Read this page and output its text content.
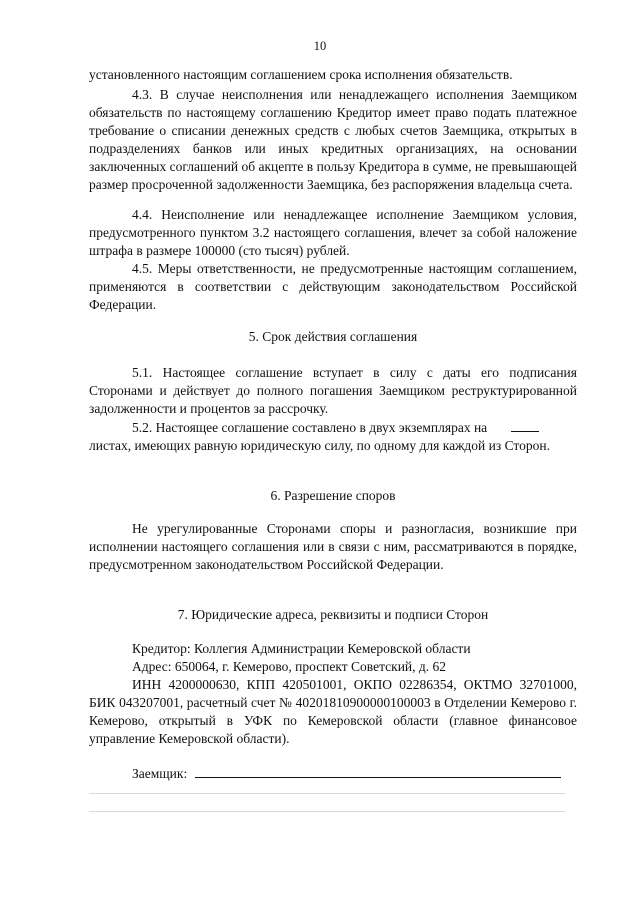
10
установленного настоящим соглашением срока исполнения обязательств.
4.3. В случае неисполнения или ненадлежащего исполнения Заемщиком обязательств по настоящему соглашению Кредитор имеет право подать платежное требование о списании денежных средств с любых счетов Заемщика, открытых в подразделениях банков или иных кредитных организациях, на основании заключенных соглашений об акцепте в пользу Кредитора в сумме, не превышающей размер просроченной задолженности Заемщика, без распоряжения владельца счета.
4.4. Неисполнение или ненадлежащее исполнение Заемщиком условия, предусмотренного пунктом 3.2 настоящего соглашения, влечет за собой наложение штрафа в размере 100000 (сто тысяч) рублей.
4.5. Меры ответственности, не предусмотренные настоящим соглашением, применяются в соответствии с действующим законодательством Российской Федерации.
5. Срок действия соглашения
5.1. Настоящее соглашение вступает в силу с даты его подписания Сторонами и действует до полного погашения Заемщиком реструктурированной задолженности и процентов за рассрочку.
5.2. Настоящее соглашение составлено в двух экземплярах на
листах, имеющих равную юридическую силу, по одному для каждой из Сторон.
6. Разрешение споров
Не урегулированные Сторонами споры и разногласия, возникшие при исполнении настоящего соглашения или в связи с ним, рассматриваются в порядке, предусмотренном законодательством Российской Федерации.
7. Юридические адреса, реквизиты и подписи Сторон
Кредитор: Коллегия Администрации Кемеровской области
Адрес: 650064, г. Кемерово, проспект Советский, д. 62
ИНН 4200000630, КПП 420501001, ОКПО 02286354, ОКТМО 32701000, БИК 043207001, расчетный счет № 40201810900000100003 в Отделении Кемерово г. Кемерово, открытый в УФК по Кемеровской области (главное финансовое управление Кемеровской области).
Заемщик:
